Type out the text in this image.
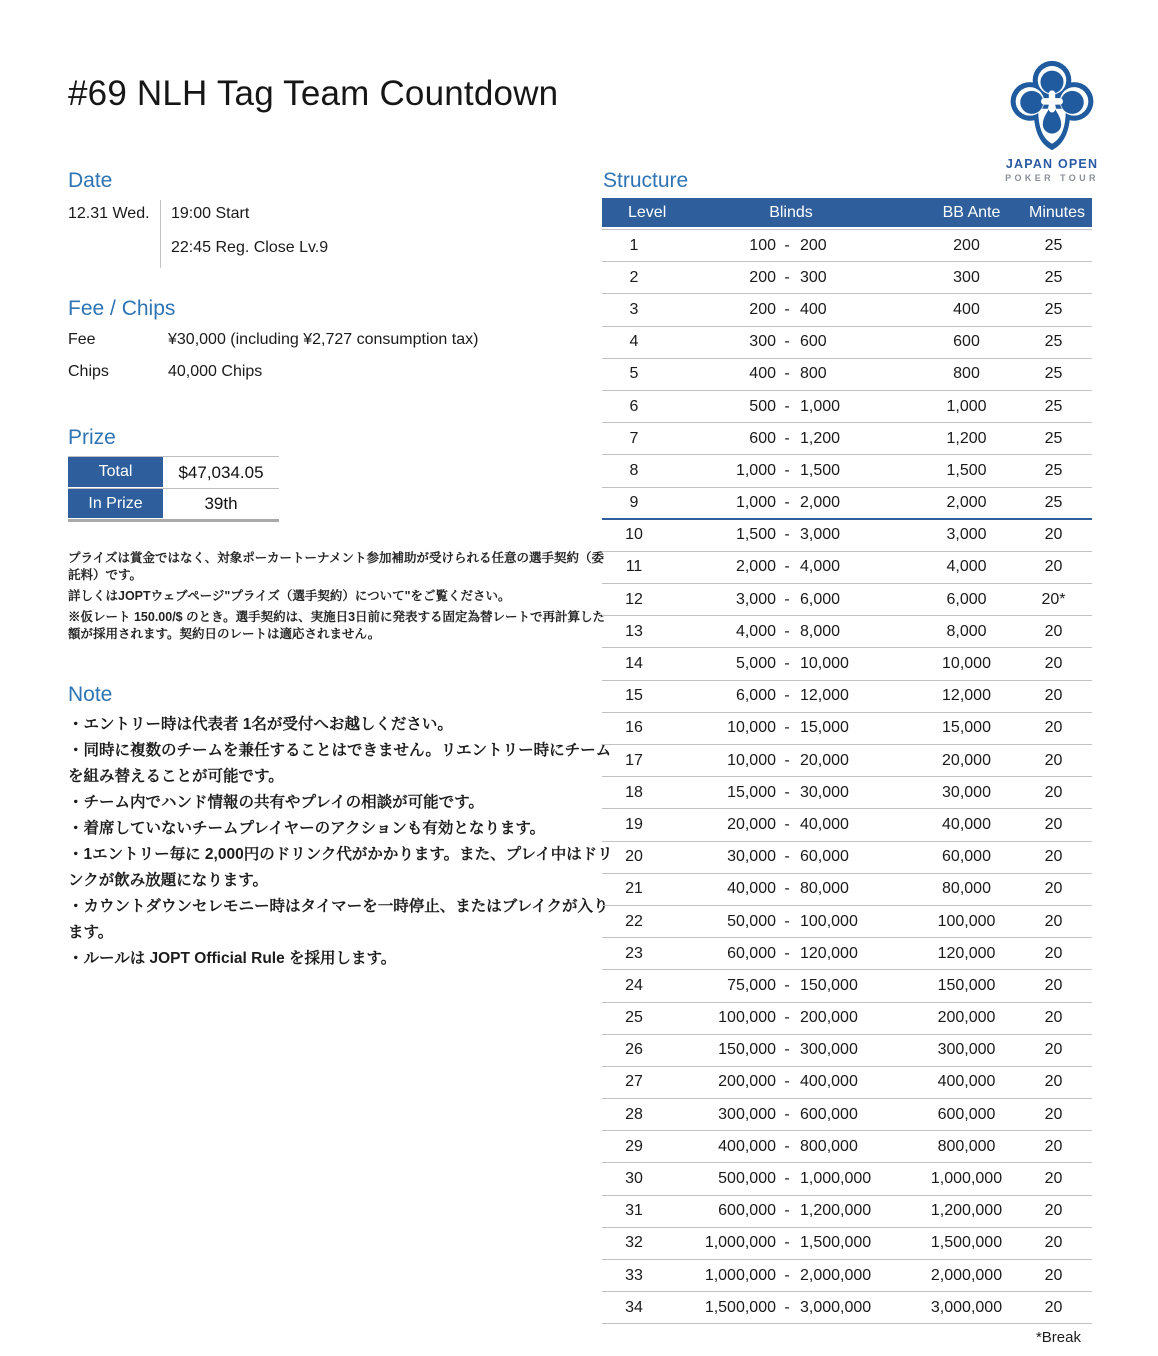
#69 NLH Tag Team Countdown
JAPAN OPEN
POKER TOUR
Date
12.31 Wed.	19:00 Start
22:45 Reg. Close Lv.9
Fee / Chips
Fee	¥30,000 (including ¥2,727 consumption tax)
Chips	40,000 Chips
Prize
Total	$47,034.05
In Prize	39th

プライズは賞金ではなく、対象ポーカートーナメント参加補助が受けられる任意の選手契約（委託料）です。

詳しくはJOPTウェブページ"プライズ（選手契約）について"をご覧ください。

※仮レート 150.00/$ のとき。選手契約は、実施日3日前に発表する固定為替レートで再計算した額が採用されます。契約日のレートは適応されません。

Note
・エントリー時は代表者 1名が受付へお越しください。
・同時に複数のチームを兼任することはできません。リエントリー時にチームを組み替えることが可能です。
・チーム内でハンド情報の共有やプレイの相談が可能です。
・着席していないチームプレイヤーのアクションも有効となります。
・1エントリー毎に 2,000円のドリンク代がかかります。また、プレイ中はドリンクが飲み放題になります。
・カウントダウンセレモニー時はタイマーを一時停止、またはブレイクが入ります。
・ルールは JOPT Official Rule を採用します。
Structure
Level	Blinds	BB Ante	Minutes
1	100 - 200	200	25
2	200 - 300	300	25
3	200 - 400	400	25
4	300 - 600	600	25
5	400 - 800	800	25
6	500 - 1,000	1,000	25
7	600 - 1,200	1,200	25
8	1,000 - 1,500	1,500	25
9	1,000 - 2,000	2,000	25
10	1,500 - 3,000	3,000	20
11	2,000 - 4,000	4,000	20
12	3,000 - 6,000	6,000	20*
13	4,000 - 8,000	8,000	20
14	5,000 - 10,000	10,000	20
15	6,000 - 12,000	12,000	20
16	10,000 - 15,000	15,000	20
17	10,000 - 20,000	20,000	20
18	15,000 - 30,000	30,000	20
19	20,000 - 40,000	40,000	20
20	30,000 - 60,000	60,000	20
21	40,000 - 80,000	80,000	20
22	50,000 - 100,000	100,000	20
23	60,000 - 120,000	120,000	20
24	75,000 - 150,000	150,000	20
25	100,000 - 200,000	200,000	20
26	150,000 - 300,000	300,000	20
27	200,000 - 400,000	400,000	20
28	300,000 - 600,000	600,000	20
29	400,000 - 800,000	800,000	20
30	500,000 - 1,000,000	1,000,000	20
31	600,000 - 1,200,000	1,200,000	20
32	1,000,000 - 1,500,000	1,500,000	20
33	1,000,000 - 2,000,000	2,000,000	20
34	1,500,000 - 3,000,000	3,000,000	20
*Break
